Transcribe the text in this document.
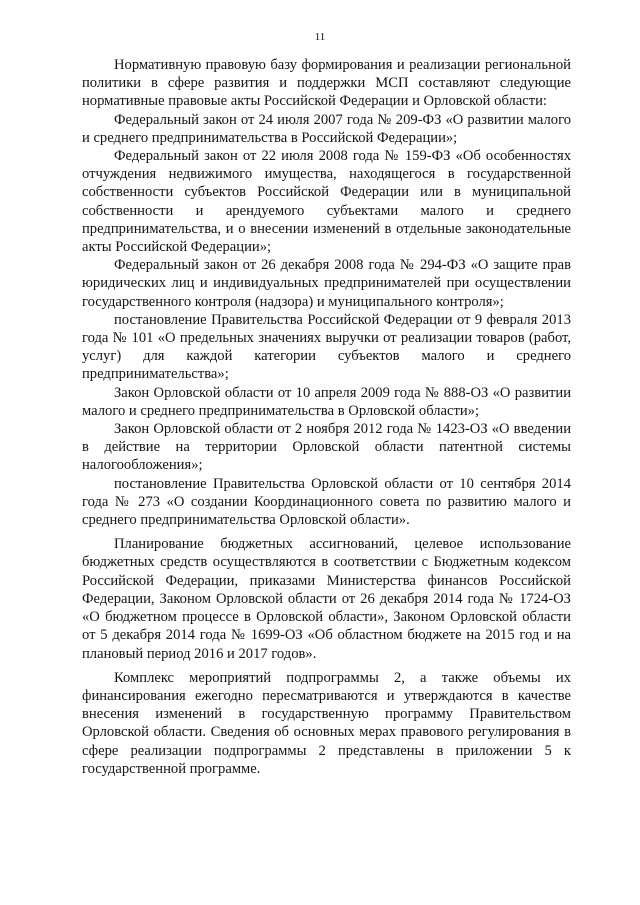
11

Нормативную правовую базу формирования и реализации региональной политики в сфере развития и поддержки МСП составляют следующие нормативные правовые акты Российской Федерации и Орловской области:

Федеральный закон от 24 июля 2007 года № 209-ФЗ «О развитии малого и среднего предпринимательства в Российской Федерации»;

Федеральный закон от 22 июля 2008 года № 159-ФЗ «Об особенностях отчуждения недвижимого имущества, находящегося в государственной собственности субъектов Российской Федерации или в муниципальной собственности и арендуемого субъектами малого и среднего предпринимательства, и о внесении изменений в отдельные законодательные акты Российской Федерации»;

Федеральный закон от 26 декабря 2008 года № 294-ФЗ «О защите прав юридических лиц и индивидуальных предпринимателей при осуществлении государственного контроля (надзора) и муниципального контроля»;

постановление Правительства Российской Федерации от 9 февраля 2013 года № 101 «О предельных значениях выручки от реализации товаров (работ, услуг) для каждой категории субъектов малого и среднего предпринимательства»;

Закон Орловской области от 10 апреля 2009 года № 888-ОЗ «О развитии малого и среднего предпринимательства в Орловской области»;

Закон Орловской области от 2 ноября 2012 года № 1423-ОЗ «О введении в действие на территории Орловской области патентной системы налогообложения»;

постановление Правительства Орловской области от 10 сентября 2014 года № 273 «О создании Координационного совета по развитию малого и среднего предпринимательства Орловской области».

Планирование бюджетных ассигнований, целевое использование бюджетных средств осуществляются в соответствии с Бюджетным кодексом Российской Федерации, приказами Министерства финансов Российской Федерации, Законом Орловской области от 26 декабря 2014 года № 1724-ОЗ «О бюджетном процессе в Орловской области», Законом Орловской области от 5 декабря 2014 года № 1699-ОЗ «Об областном бюджете на 2015 год и на плановый период 2016 и 2017 годов».

Комплекс мероприятий подпрограммы 2, а также объемы их финансирования ежегодно пересматриваются и утверждаются в качестве внесения изменений в государственную программу Правительством Орловской области. Сведения об основных мерах правового регулирования в сфере реализации подпрограммы 2 представлены в приложении 5 к государственной программе.
